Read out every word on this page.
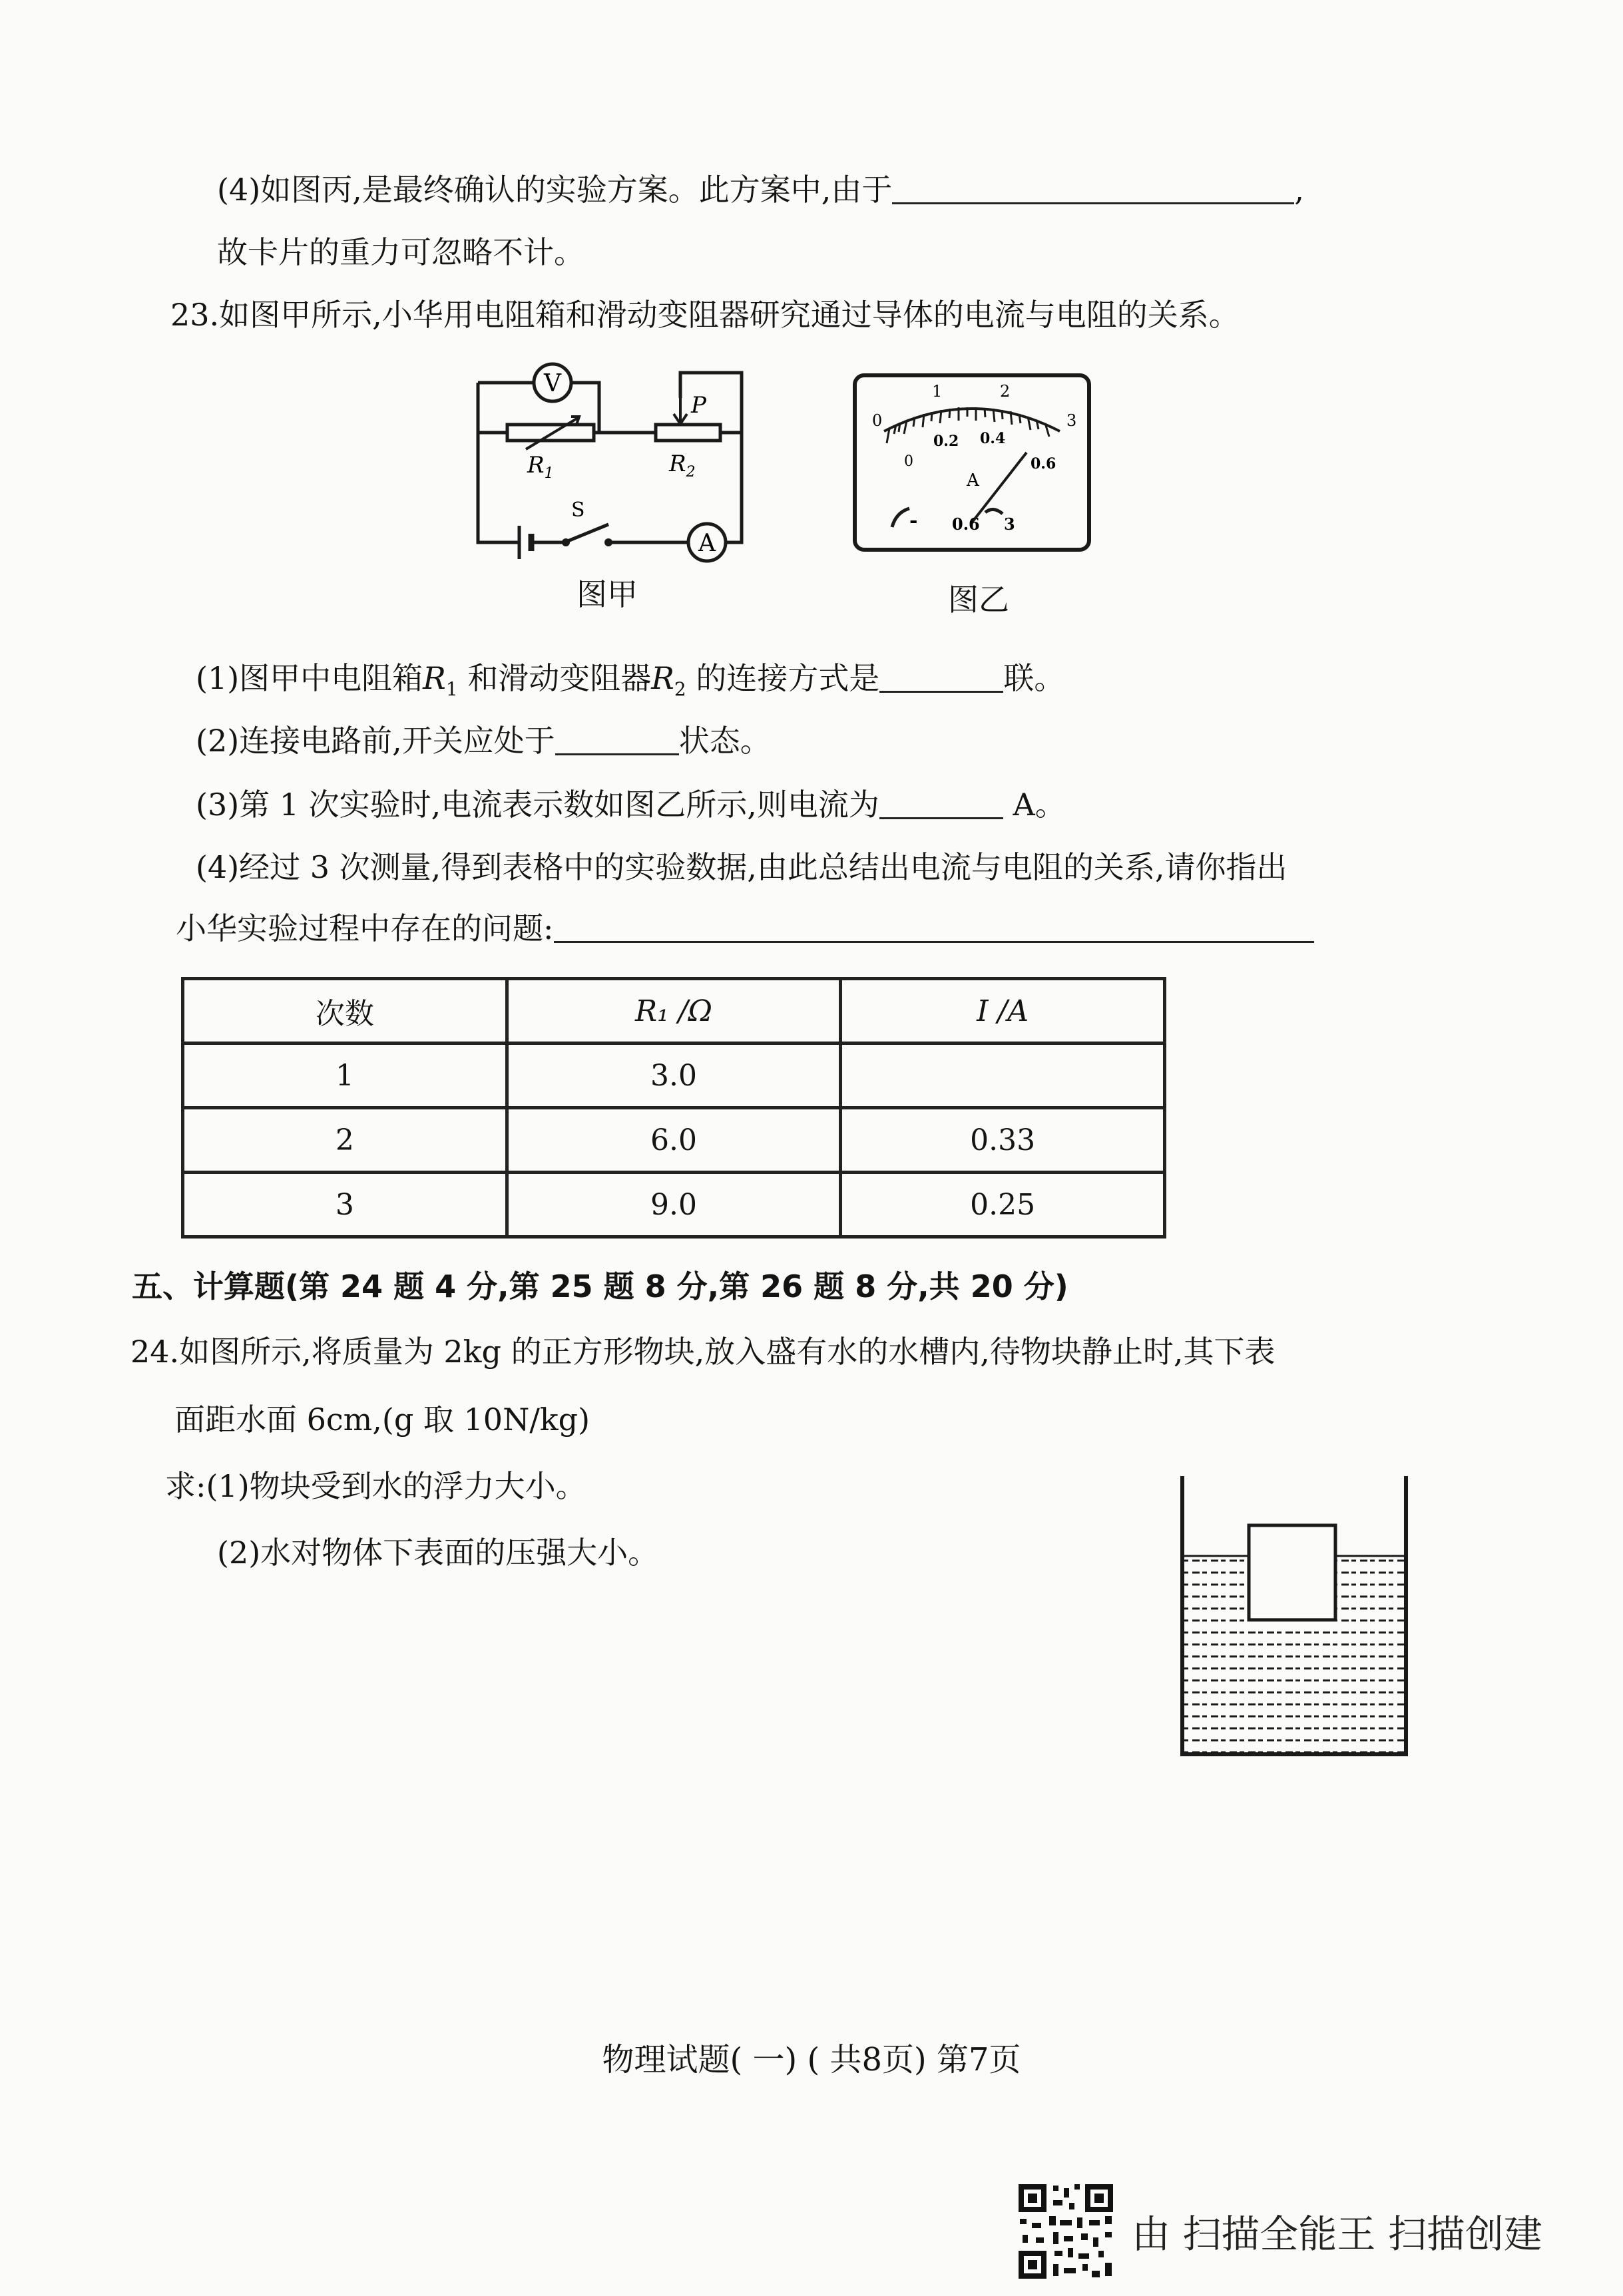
(4)如图丙,是最终确认的实验方案。此方案中,由于	,
故卡片的重力可忽略不计。
23.如图甲所示,小华用电阻箱和滑动变阻器研究通过导体的电流与电阻的关系。
V
$R_1$
P
$R_2$
S
A
图甲
0
1	2
3
0
0.2 0.4
0.6
A
- 0.6 3
图乙
(1)图甲中电阻箱$R_1$ 和滑动变阻器$R_2$ 的连接方式是	联。
(2)连接电路前,开关应处于	状态。
(3)第 1 次实验时,电流表示数如图乙所示,则电流为	A。
(4)经过 3 次测量,得到表格中的实验数据,由此总结出电流与电阻的关系,请你指出
小华实验过程中存在的问题:
次数	R₁ /Ω	I /A
1	3.0	
2	6.0	0.33
3	9.0	0.25
五、计算题(第 24 题 4 分,第 25 题 8 分,第 26 题 8 分,共 20 分)
24.如图所示,将质量为 2kg 的正方形物块,放入盛有水的水槽内,待物块静止时,其下表
面距水面 6cm,(g 取 10N/kg)
求:(1)物块受到水的浮力大小。
(2)水对物体下表面的压强大小。
物理试题( 一) ( 共8页) 第7页
由 扫描全能王 扫描创建
